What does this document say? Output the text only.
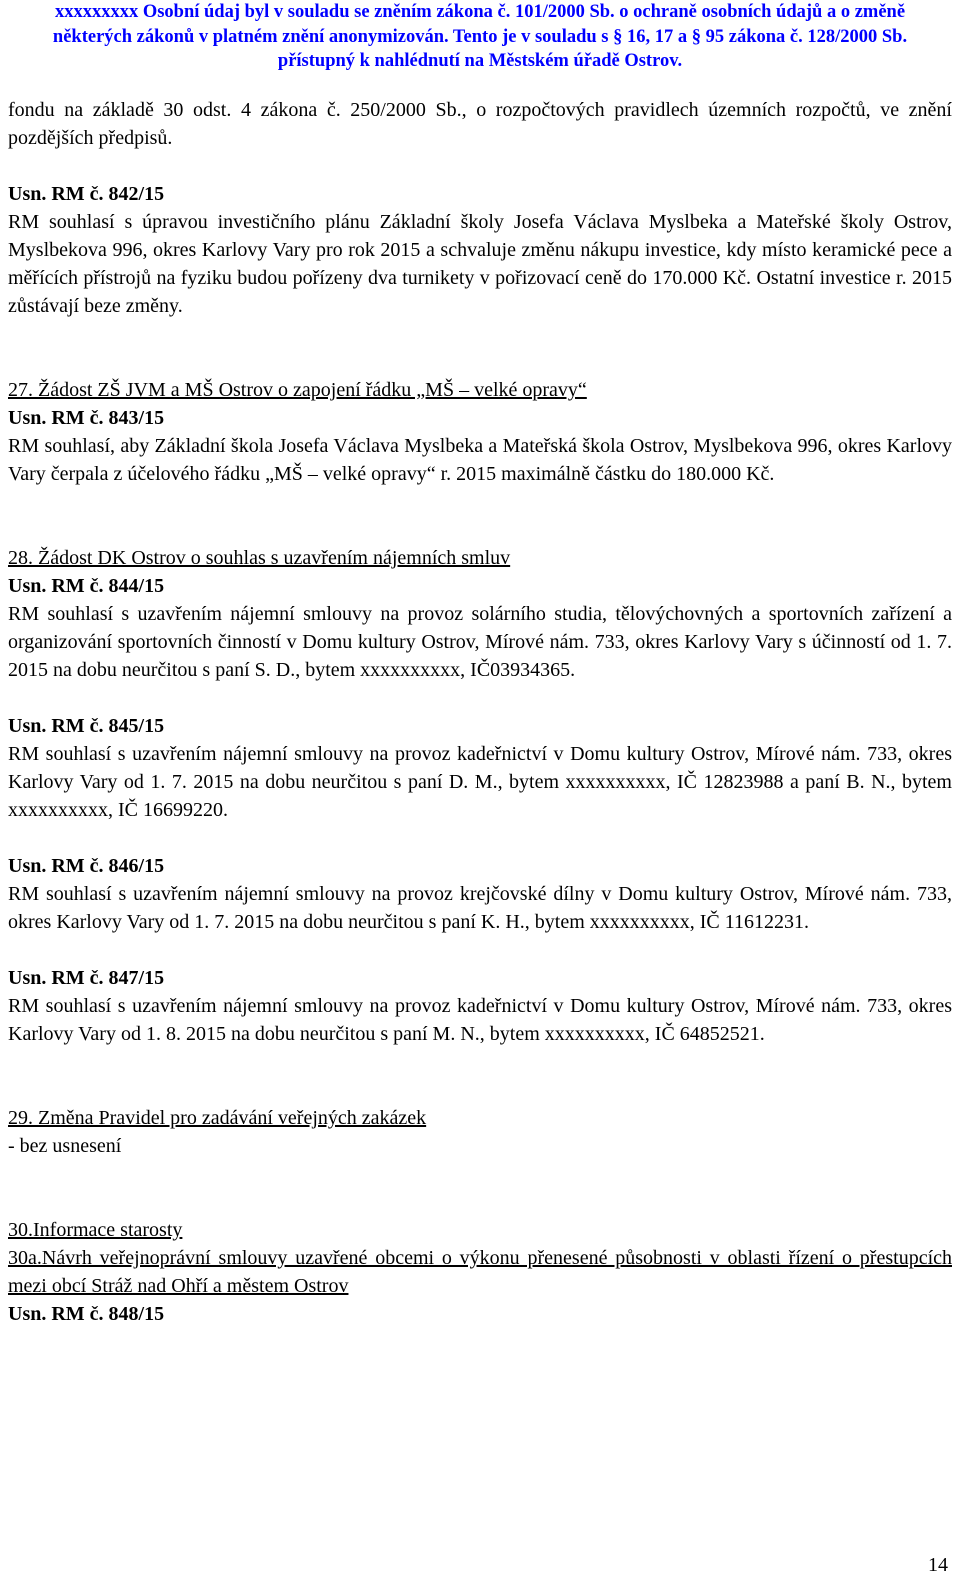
xxxxxxxxx Osobní údaj byl v souladu se zněním zákona č. 101/2000 Sb. o ochraně osobních údajů a o změně
některých zákonů v platném znění anonymizován. Tento je v souladu s § 16, 17 a § 95 zákona č. 128/2000 Sb.
přístupný k nahlédnutí na Městském úřadě Ostrov.

fondu na základě 30 odst. 4 zákona č. 250/2000 Sb., o rozpočtových pravidlech územních rozpočtů, ve znění pozdějších předpisů.

Usn. RM č. 842/15

RM souhlasí s úpravou investičního plánu Základní školy Josefa Václava Myslbeka a Mateřské školy Ostrov, Myslbekova 996, okres Karlovy Vary pro rok 2015 a schvaluje změnu nákupu investice, kdy místo keramické pece a měřících přístrojů na fyziku budou pořízeny dva turnikety v pořizovací ceně do 170.000 Kč. Ostatní investice r. 2015 zůstávají beze změny.

27. Žádost ZŠ JVM a MŠ Ostrov o zapojení řádku „MŠ – velké opravy“

Usn. RM č. 843/15

RM souhlasí, aby Základní škola Josefa Václava Myslbeka a Mateřská škola Ostrov, Myslbekova 996, okres Karlovy Vary čerpala z účelového řádku „MŠ – velké opravy“ r. 2015 maximálně částku do 180.000 Kč.

28. Žádost DK Ostrov o souhlas s uzavřením nájemních smluv

Usn. RM č. 844/15

RM souhlasí s uzavřením nájemní smlouvy na provoz solárního studia, tělovýchovných a sportovních zařízení a organizování sportovních činností v Domu kultury Ostrov, Mírové nám. 733, okres Karlovy Vary s účinností od 1. 7. 2015 na dobu neurčitou s paní S. D., bytem xxxxxxxxxx, IČ03934365.

Usn. RM č. 845/15

RM souhlasí s uzavřením nájemní smlouvy na provoz kadeřnictví v Domu kultury Ostrov, Mírové nám. 733, okres Karlovy Vary od 1. 7. 2015 na dobu neurčitou s paní D. M., bytem xxxxxxxxxx, IČ 12823988 a paní B. N., bytem xxxxxxxxxx, IČ 16699220.

Usn. RM č. 846/15

RM souhlasí s uzavřením nájemní smlouvy na provoz krejčovské dílny v Domu kultury Ostrov, Mírové nám. 733, okres Karlovy Vary od 1. 7. 2015 na dobu neurčitou s paní K. H., bytem xxxxxxxxxx, IČ 11612231.

Usn. RM č. 847/15

RM souhlasí s uzavřením nájemní smlouvy na provoz kadeřnictví v Domu kultury Ostrov, Mírové nám. 733, okres Karlovy Vary od 1. 8. 2015 na dobu neurčitou s paní M. N., bytem xxxxxxxxxx, IČ 64852521.

29. Změna Pravidel pro zadávání veřejných zakázek

- bez usnesení

30.Informace starosty

30a.Návrh veřejnoprávní smlouvy uzavřené obcemi o výkonu přenesené působnosti v oblasti řízení o přestupcích mezi obcí Stráž nad Ohří a městem Ostrov

Usn. RM č. 848/15

14
